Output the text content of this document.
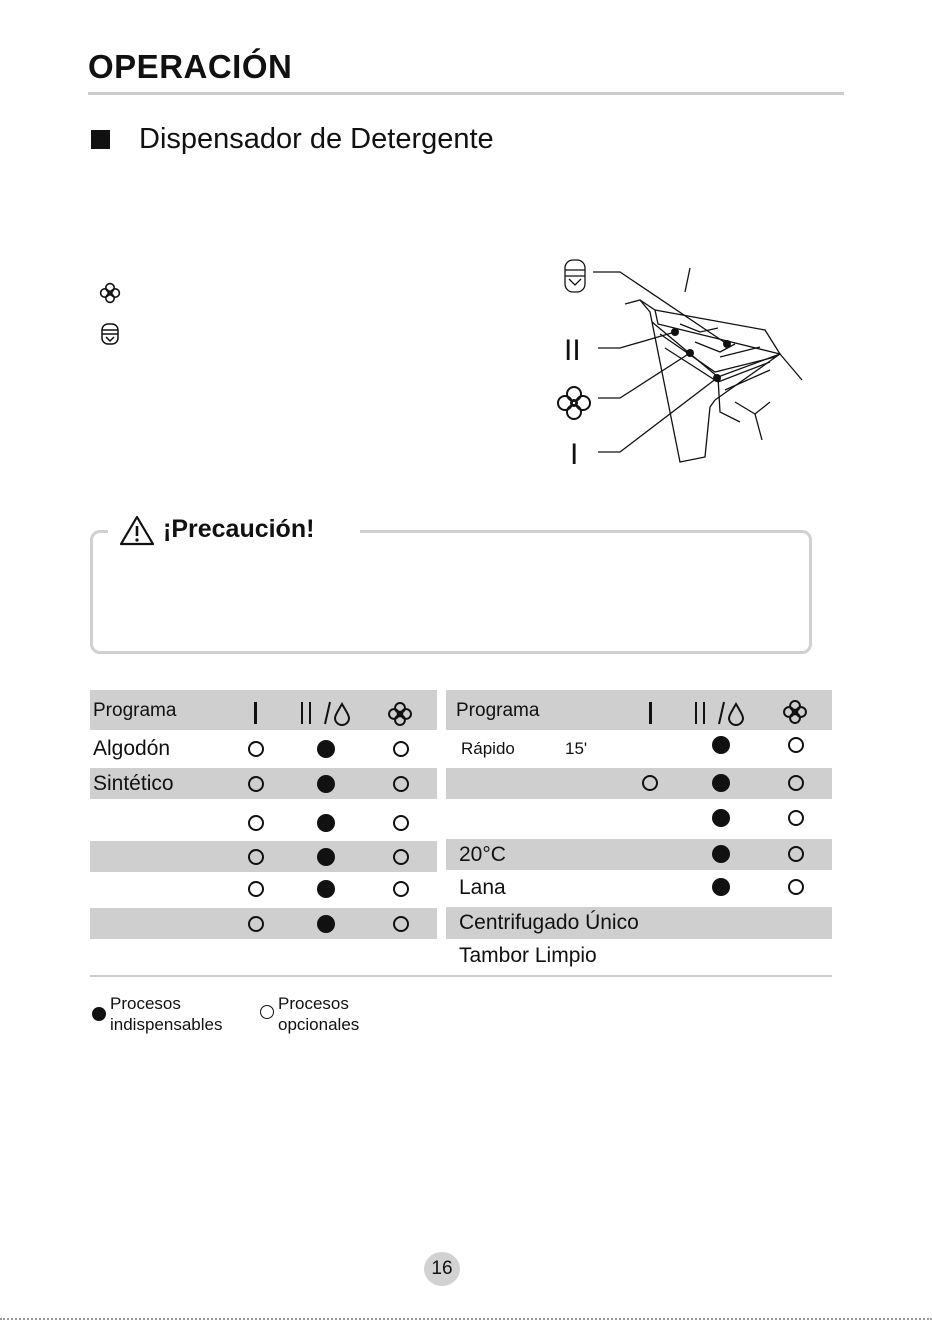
OPERACIÓN
Dispensador de Detergente
II
I
¡Precaución!
Programa
Algodón
Sintético
Programa
Rápido	15'
20°C
Lana
Centrifugado Único
Tambor Limpio
Procesos
indispensables
Procesos
opcionales
16
